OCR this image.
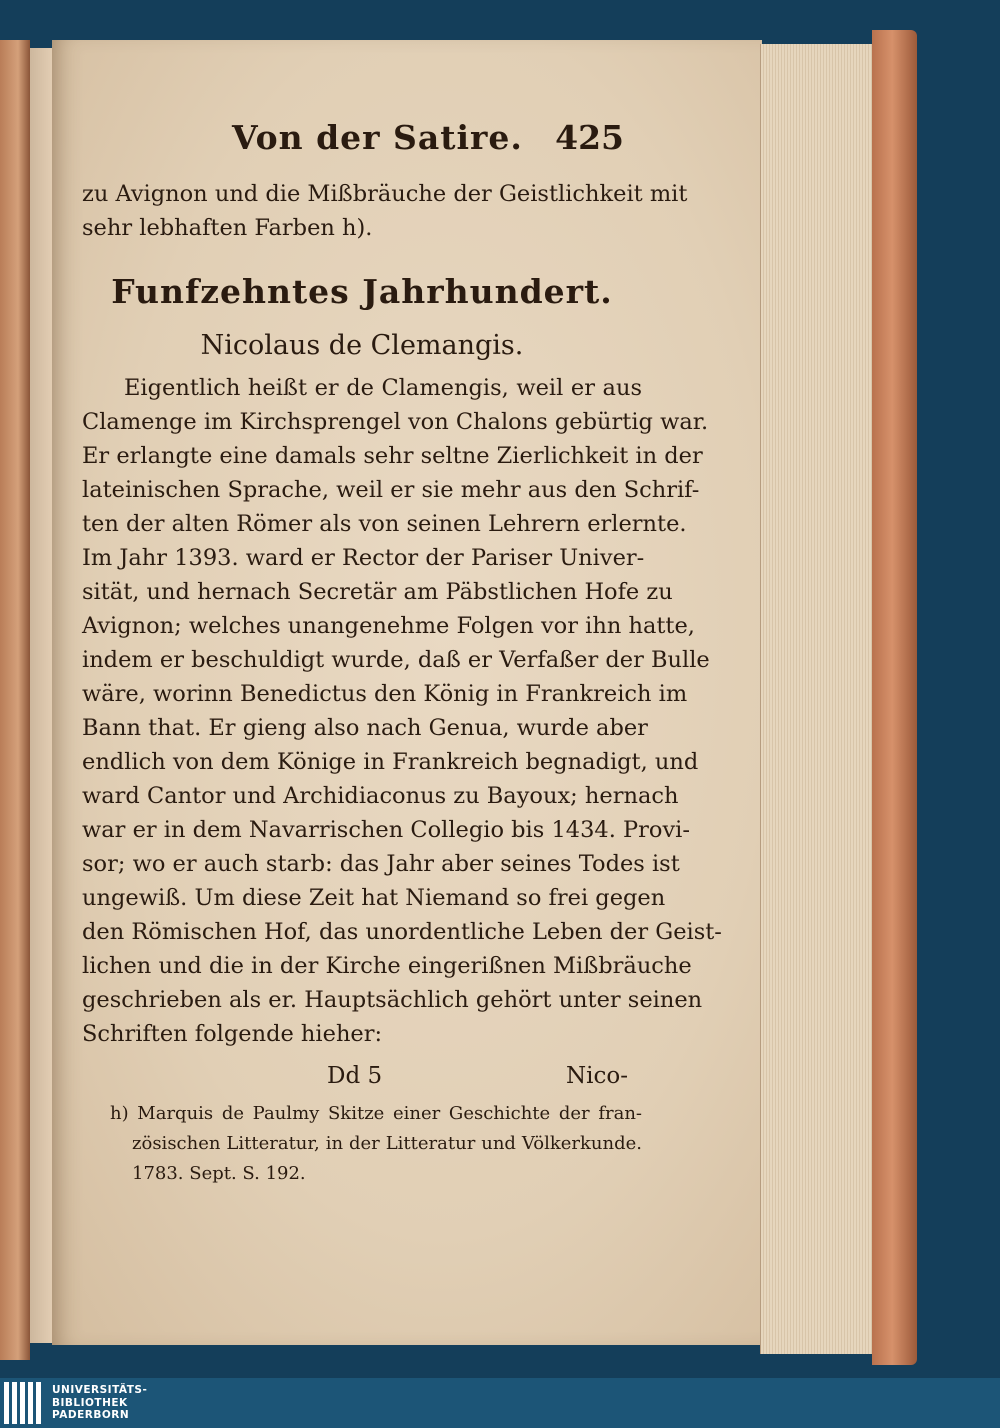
Von der Satire. 425
zu Avignon und die Mißbräuche der Geistlichkeit mit
sehr lebhaften Farben h).
Funfzehntes Jahrhundert.
Nicolaus de Clemangis.
Eigentlich heißt er de Clamengis, weil er aus
Clamenge im Kirchsprengel von Chalons gebürtig war.
Er erlangte eine damals sehr seltne Zierlichkeit in der
lateinischen Sprache, weil er sie mehr aus den Schrif-
ten der alten Römer als von seinen Lehrern erlernte.
Im Jahr 1393. ward er Rector der Pariser Univer-
sität, und hernach Secretär am Päbstlichen Hofe zu
Avignon; welches unangenehme Folgen vor ihn hatte,
indem er beschuldigt wurde, daß er Verfaßer der Bulle
wäre, worinn Benedictus den König in Frankreich im
Bann that. Er gieng also nach Genua, wurde aber
endlich von dem Könige in Frankreich begnadigt, und
ward Cantor und Archidiaconus zu Bayoux; hernach
war er in dem Navarrischen Collegio bis 1434. Provi-
sor; wo er auch starb: das Jahr aber seines Todes ist
ungewiß. Um diese Zeit hat Niemand so frei gegen
den Römischen Hof, das unordentliche Leben der Geist-
lichen und die in der Kirche eingerißnen Mißbräuche
geschrieben als er. Hauptsächlich gehört unter seinen
Schriften folgende hieher:
Dd 5	Nico-
h) Marquis de Paulmy Skitze einer Geschichte der fran-
zösischen Litteratur, in der Litteratur und Völkerkunde.
1783. Sept. S. 192.
UNIVERSITÄTS-
BIBLIOTHEK
PADERBORN
